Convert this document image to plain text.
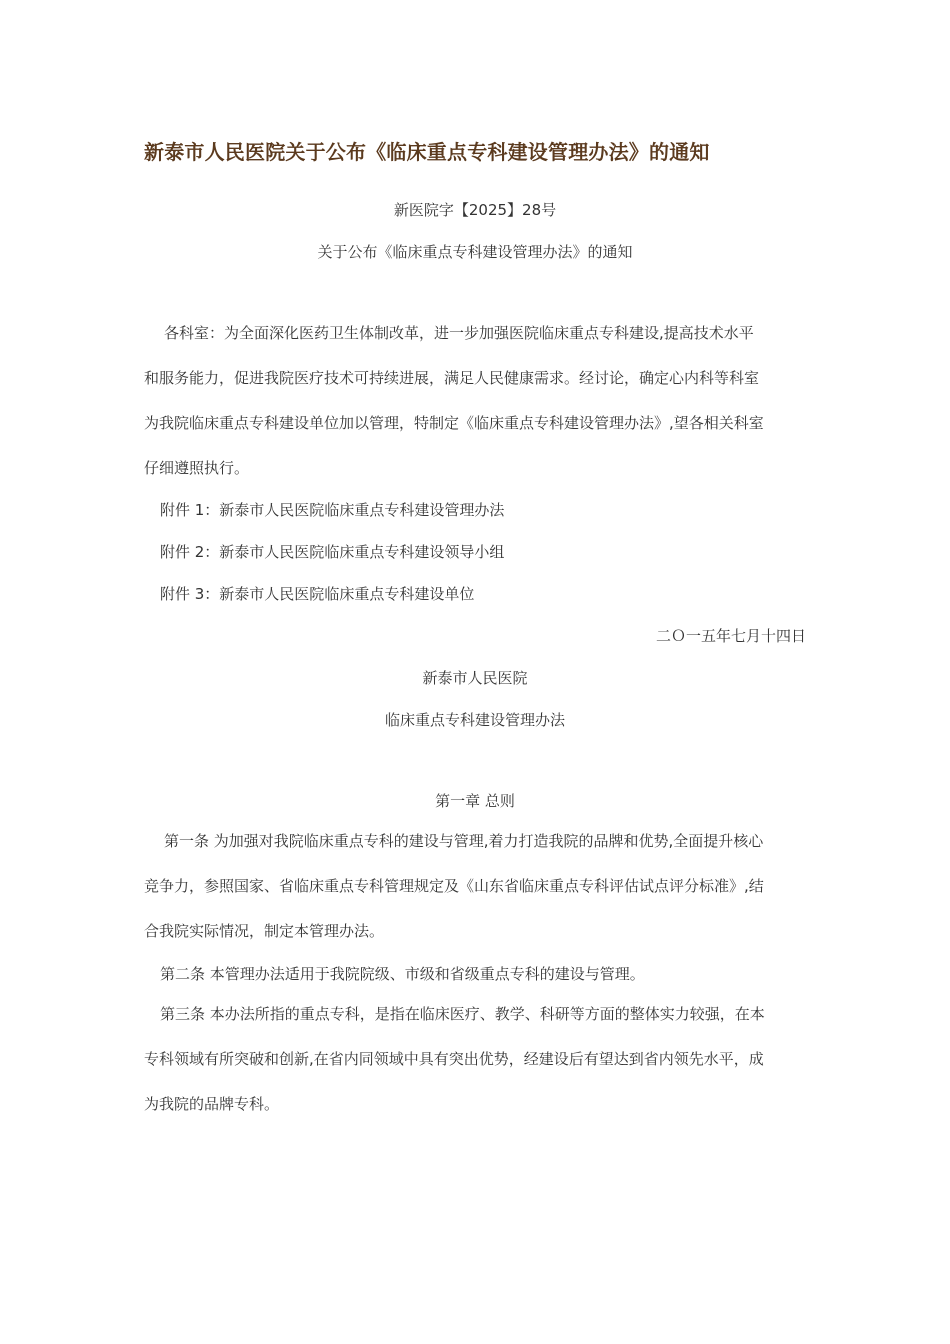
新泰市人民医院关于公布《临床重点专科建设管理办法》的通知
新医院字【2025】28号
关于公布《临床重点专科建设管理办法》的通知
各科室：为全面深化医药卫生体制改革，进一步加强医院临床重点专科建设,提高技术水平
和服务能力，促进我院医疗技术可持续进展，满足人民健康需求。经讨论，确定心内科等科室
为我院临床重点专科建设单位加以管理，特制定《临床重点专科建设管理办法》,望各相关科室
仔细遵照执行。
附件 1：新泰市人民医院临床重点专科建设管理办法
附件 2：新泰市人民医院临床重点专科建设领导小组
附件 3：新泰市人民医院临床重点专科建设单位
二Ｏ一五年七月十四日
新泰市人民医院
临床重点专科建设管理办法
第一章 总则
第一条 为加强对我院临床重点专科的建设与管理,着力打造我院的品牌和优势,全面提升核心
竞争力，参照国家、省临床重点专科管理规定及《山东省临床重点专科评估试点评分标准》,结
合我院实际情况，制定本管理办法。
第二条 本管理办法适用于我院院级、市级和省级重点专科的建设与管理。
第三条 本办法所指的重点专科，是指在临床医疗、教学、科研等方面的整体实力较强，在本
专科领域有所突破和创新,在省内同领域中具有突出优势，经建设后有望达到省内领先水平，成
为我院的品牌专科。
